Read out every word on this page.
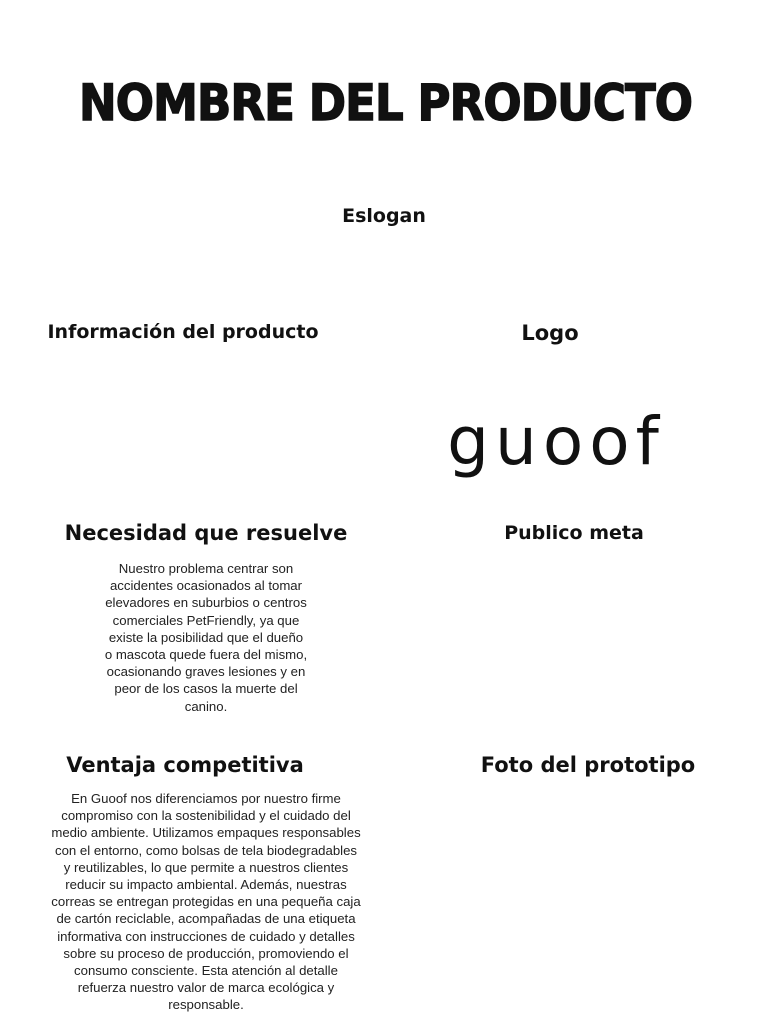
NOMBRE DEL PRODUCTO
Eslogan
Información del producto	Logo
guoof
Necesidad que resuelve
Nuestro problema centrar son accidentes ocasionados al tomar elevadores en suburbios o centros comerciales PetFriendly, ya que existe la posibilidad que el dueño o mascota quede fuera del mismo, ocasionando graves lesiones y en peor de los casos la muerte del canino.
Publico meta
Ventaja competitiva
En Guoof nos diferenciamos por nuestro firme compromiso con la sostenibilidad y el cuidado del medio ambiente. Utilizamos empaques responsables con el entorno, como bolsas de tela biodegradables y reutilizables, lo que permite a nuestros clientes reducir su impacto ambiental. Además, nuestras correas se entregan protegidas en una pequeña caja de cartón reciclable, acompañadas de una etiqueta informativa con instrucciones de cuidado y detalles sobre su proceso de producción, promoviendo el consumo consciente. Esta atención al detalle refuerza nuestro valor de marca ecológica y responsable.
Foto del prototipo
